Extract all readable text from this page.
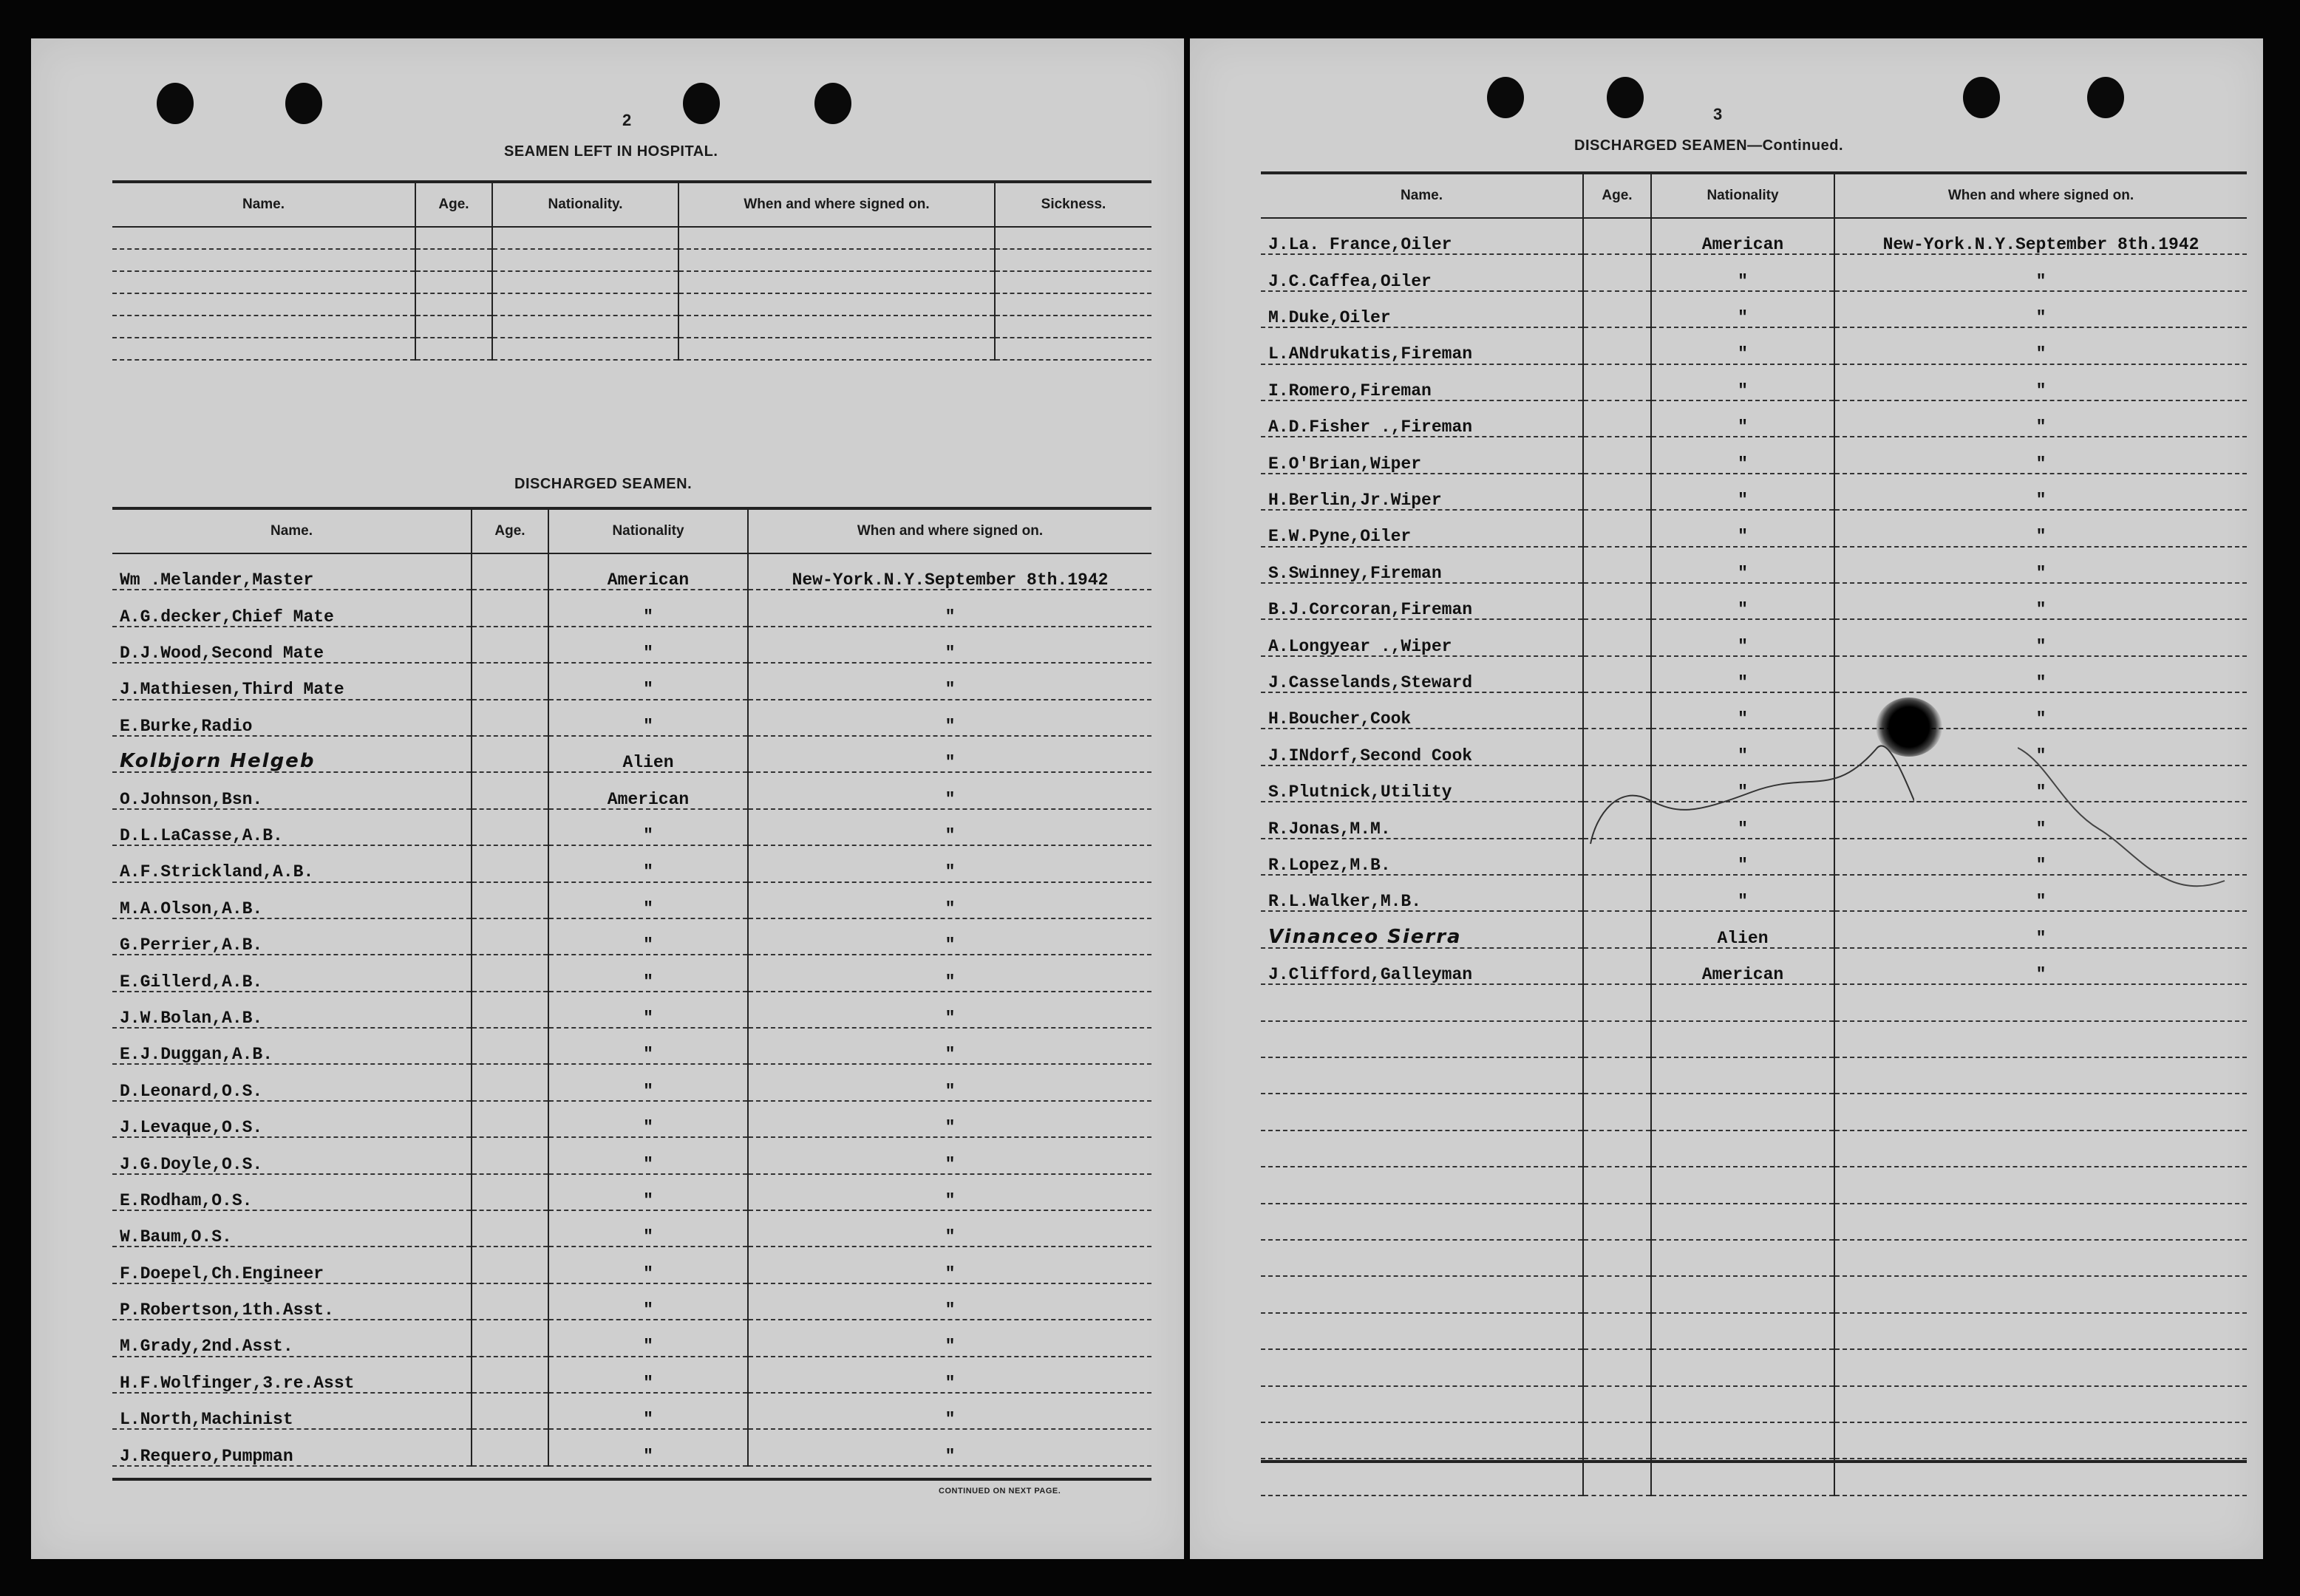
2
SEAMEN LEFT IN HOSPITAL.
Name.	Age.	Nationality.	When and where signed on.	Sickness.

DISCHARGED SEAMEN.
Name.	Age.	Nationality	When and where signed on.
Wm .Melander,Master		American	New-York.N.Y.September 8th.1942
A.G.decker,Chief Mate		"	"
D.J.Wood,Second Mate		"	"
J.Mathiesen,Third Mate		"	"
E.Burke,Radio		"	"
Kolbjorn Helgeb		Alien	"
O.Johnson,Bsn.		American	"
D.L.LaCasse,A.B.		"	"
A.F.Strickland,A.B.		"	"
M.A.Olson,A.B.		"	"
G.Perrier,A.B.		"	"
E.Gillerd,A.B.		"	"
J.W.Bolan,A.B.		"	"
E.J.Duggan,A.B.		"	"
D.Leonard,O.S.		"	"
J.Levaque,O.S.		"	"
J.G.Doyle,O.S.		"	"
E.Rodham,O.S.		"	"
W.Baum,O.S.		"	"
F.Doepel,Ch.Engineer		"	"
P.Robertson,1th.Asst.		"	"
M.Grady,2nd.Asst.		"	"
H.F.Wolfinger,3.re.Asst		"	"
L.North,Machinist		"	"
J.Requero,Pumpman		"	"
CONTINUED ON NEXT PAGE.
3
DISCHARGED SEAMEN—Continued.
Name.	Age.	Nationality	When and where signed on.
J.La. France,Oiler		American	New-York.N.Y.September 8th.1942
J.C.Caffea,Oiler		"	"
M.Duke,Oiler		"	"
L.ANdrukatis,Fireman		"	"
I.Romero,Fireman		"	"
A.D.Fisher .,Fireman		"	"
E.O'Brian,Wiper		"	"
H.Berlin,Jr.Wiper		"	"
E.W.Pyne,Oiler		"	"
S.Swinney,Fireman		"	"
B.J.Corcoran,Fireman		"	"
A.Longyear .,Wiper		"	"
J.Casselands,Steward		"	"
H.Boucher,Cook		"	"
J.INdorf,Second Cook		"	"
S.Plutnick,Utility		"	"
R.Jonas,M.M.		"	"
R.Lopez,M.B.		"	"
R.L.Walker,M.B.		"	"
Vinanceo Sierra		Alien	"
J.Clifford,Galleyman		American	"
